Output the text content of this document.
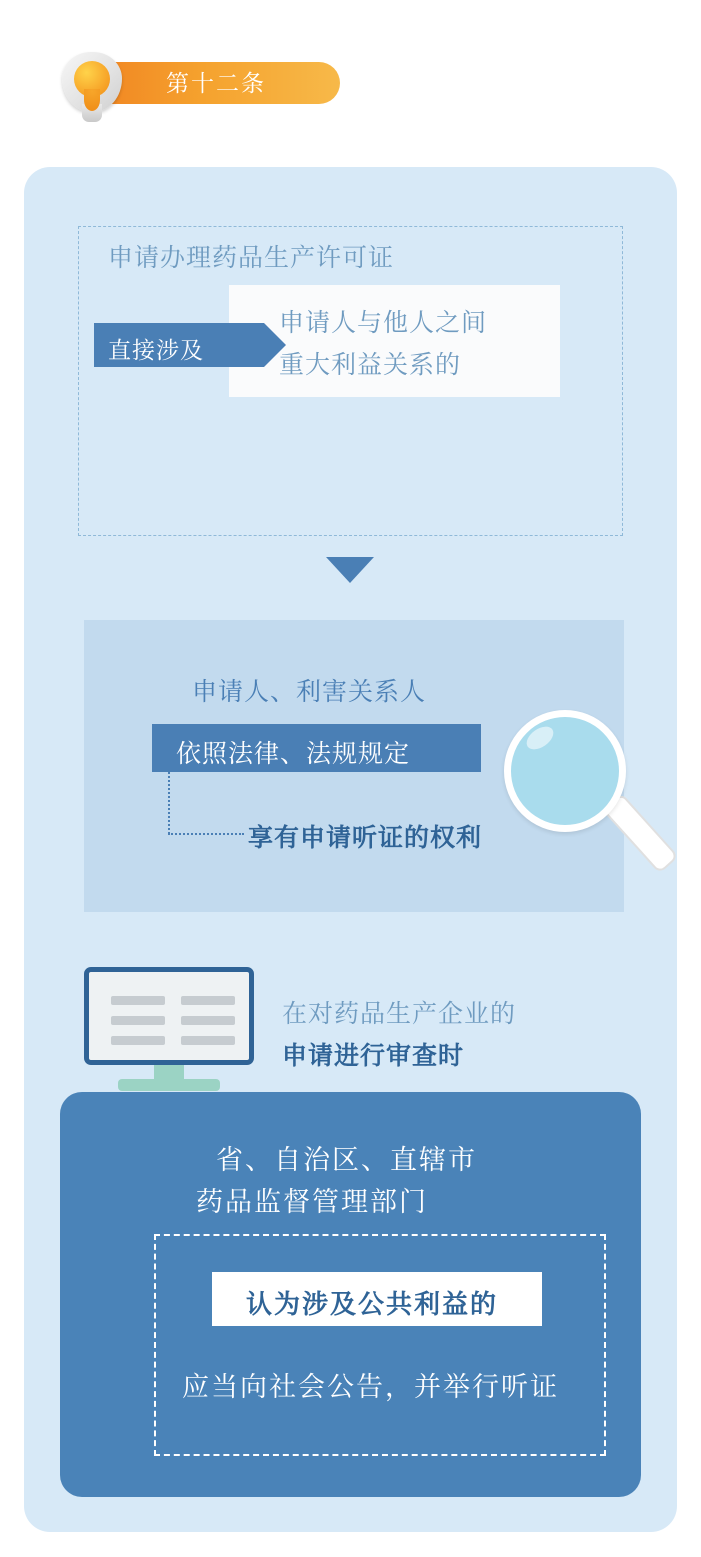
第十二条
申请办理药品生产许可证
申请人与他人之间
重大利益关系的
直接涉及
申请人、利害关系人
依照法律、法规规定
享有申请听证的权利
在对药品生产企业的
申请进行审查时
省、自治区、直辖市
药品监督管理部门
认为涉及公共利益的
应当向社会公告，并举行听证
